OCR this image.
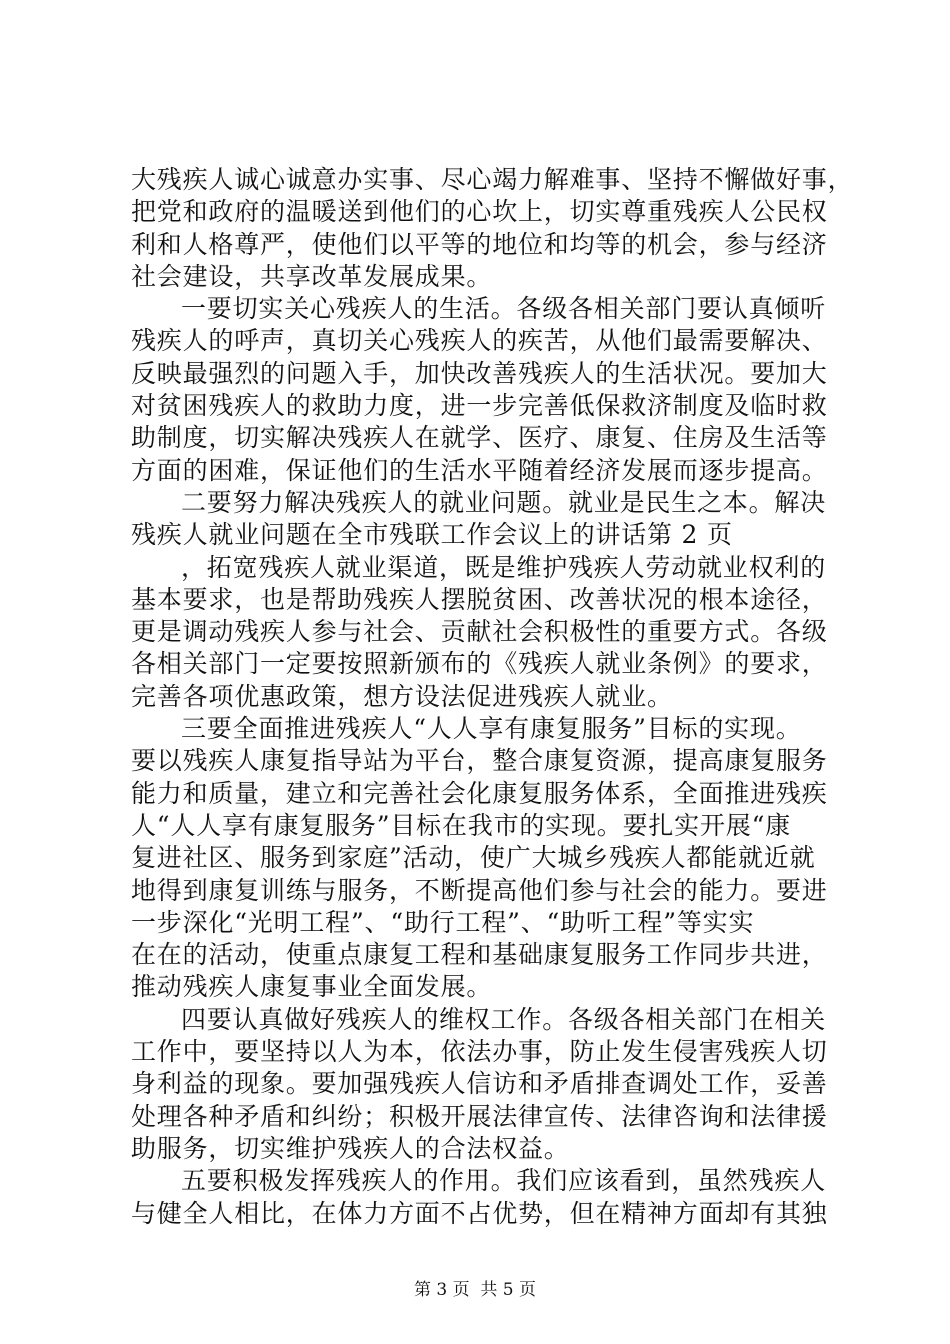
大残疾人诚心诚意办实事、尽心竭力解难事、坚持不懈做好事，
把党和政府的温暖送到他们的心坎上，切实尊重残疾人公民权
利和人格尊严，使他们以平等的地位和均等的机会，参与经济
社会建设，共享改革发展成果。
一要切实关心残疾人的生活。各级各相关部门要认真倾听
残疾人的呼声，真切关心残疾人的疾苦，从他们最需要解决、
反映最强烈的问题入手，加快改善残疾人的生活状况。要加大
对贫困残疾人的救助力度，进一步完善低保救济制度及临时救
助制度，切实解决残疾人在就学、医疗、康复、住房及生活等
方面的困难，保证他们的生活水平随着经济发展而逐步提高。
二要努力解决残疾人的就业问题。就业是民生之本。解决
残疾人就业问题在全市残联工作会议上的讲话第 2 页
，拓宽残疾人就业渠道，既是维护残疾人劳动就业权利的
基本要求，也是帮助残疾人摆脱贫困、改善状况的根本途径，
更是调动残疾人参与社会、贡献社会积极性的重要方式。各级
各相关部门一定要按照新颁布的《残疾人就业条例》的要求，
完善各项优惠政策，想方设法促进残疾人就业。
三要全面推进残疾人“人人享有康复服务”目标的实现。
要以残疾人康复指导站为平台，整合康复资源，提高康复服务
能力和质量，建立和完善社会化康复服务体系，全面推进残疾
人“人人享有康复服务”目标在我市的实现。要扎实开展“康
复进社区、服务到家庭”活动，使广大城乡残疾人都能就近就
地得到康复训练与服务，不断提高他们参与社会的能力。要进
一步深化“光明工程”、“助行工程”、“助听工程”等实实
在在的活动，使重点康复工程和基础康复服务工作同步共进，
推动残疾人康复事业全面发展。
四要认真做好残疾人的维权工作。各级各相关部门在相关
工作中，要坚持以人为本，依法办事，防止发生侵害残疾人切
身利益的现象。要加强残疾人信访和矛盾排查调处工作，妥善
处理各种矛盾和纠纷；积极开展法律宣传、法律咨询和法律援
助服务，切实维护残疾人的合法权益。
五要积极发挥残疾人的作用。我们应该看到，虽然残疾人
与健全人相比，在体力方面不占优势，但在精神方面却有其独
第 3 页  共 5 页
